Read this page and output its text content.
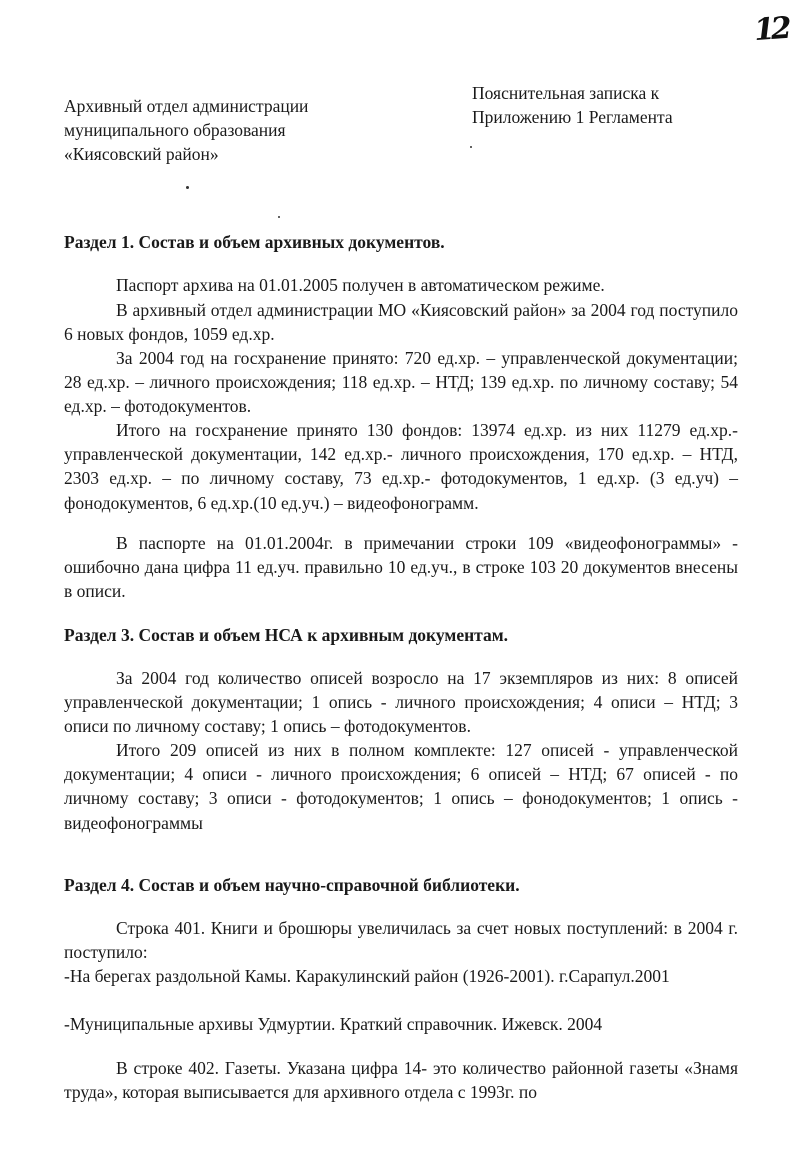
12
Архивный отдел администрации
муниципального образования
«Киясовский район»
Пояснительная записка к
Приложению 1 Регламента
Раздел 1. Состав и объем архивных документов.

Паспорт архива на 01.01.2005 получен в автоматическом режиме.

В архивный отдел администрации МО «Киясовский район» за 2004 год поступило 6 новых фондов, 1059 ед.хр.

За 2004 год на госхранение принято: 720 ед.хр. – управленческой документации; 28 ед.хр. – личного происхождения; 118 ед.хр. – НТД; 139 ед.хр. по личному составу; 54 ед.хр. – фотодокументов.

Итого на госхранение принято 130 фондов: 13974 ед.хр. из них 11279 ед.хр.- управленческой документации, 142 ед.хр.- личного происхождения, 170 ед.хр. – НТД, 2303 ед.хр. – по личному составу, 73 ед.хр.- фотодокументов, 1 ед.хр. (3 ед.уч) – фонодокументов, 6 ед.хр.(10 ед.уч.) – видеофонограмм.

В паспорте на 01.01.2004г. в примечании строки 109 «видеофонограммы» - ошибочно дана цифра 11 ед.уч. правильно 10 ед.уч., в строке 103 20 документов внесены в описи.

Раздел 3. Состав и объем НСА к архивным документам.

За 2004 год количество описей возросло на 17 экземпляров из них: 8 описей управленческой документации; 1 опись - личного происхождения; 4 описи – НТД; 3 описи по личному составу; 1 опись – фотодокументов.

Итого 209 описей из них в полном комплекте: 127 описей - управленческой документации; 4 описи - личного происхождения; 6 описей – НТД; 67 описей - по личному составу; 3 описи - фотодокументов; 1 опись – фонодокументов; 1 опись - видеофонограммы

Раздел 4. Состав и объем научно-справочной библиотеки.

Строка 401. Книги и брошюры увеличилась за счет новых поступлений: в 2004 г. поступило:

-На берегах раздольной Камы. Каракулинский район (1926-2001). г.Сарапул.2001

-Муниципальные архивы Удмуртии. Краткий справочник. Ижевск. 2004

В строке 402. Газеты. Указана цифра 14- это количество районной газеты «Знамя труда», которая выписывается для архивного отдела с 1993г. по
